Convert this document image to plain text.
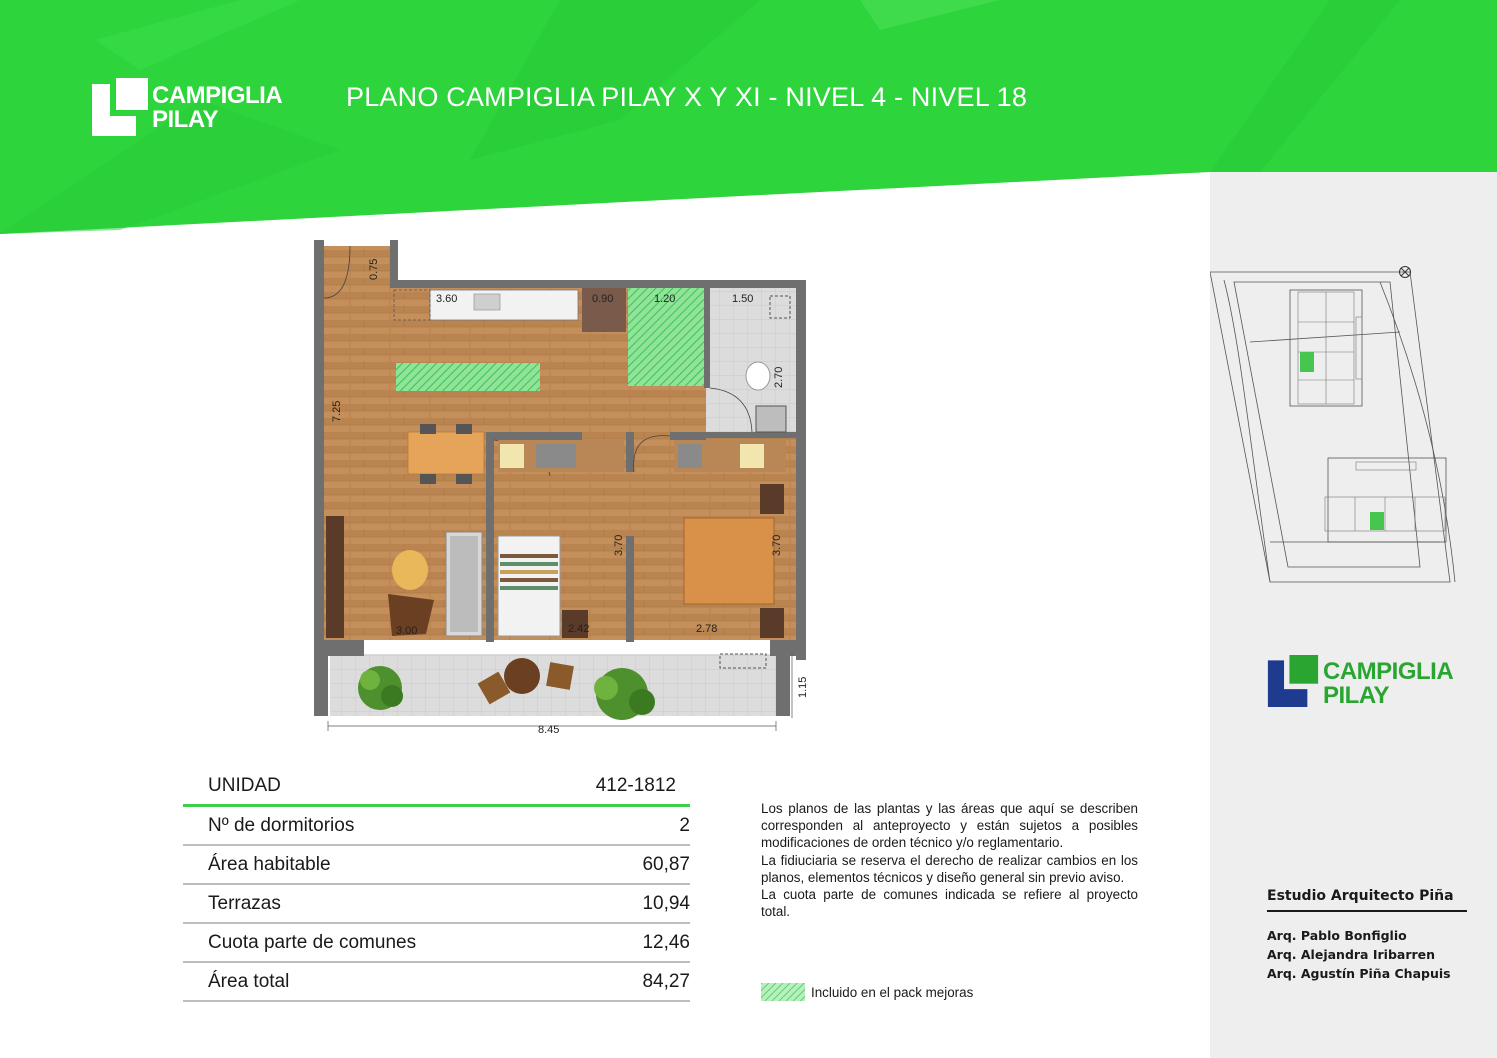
CAMPIGLIA
PILAY
PLANO CAMPIGLIA PILAY X Y XI - NIVEL 4 - NIVEL 18
CAMPIGLIA
PILAY
Estudio Arquitecto Piña
Arq. Pablo Bonfiglio
Arq. Alejandra Iribarren
Arq. Agustín Piña Chapuis
0.75
3.60	0.90	1.20	1.50
2.70
7.25
3.70	3.70
3.00	2.42	2.78
1.15
8.45
UNIDAD	412-1812
Nº de dormitorios	2
Área habitable	60,87
Terrazas	10,94
Cuota parte de comunes	12,46
Área total	84,27

Los planos de las plantas y las áreas que aquí se describen corresponden al anteproyecto y están sujetos a posibles modificaciones de orden técnico y/o reglamentario.

La fidiuciaria se reserva el derecho de realizar cambios en los planos, elementos técnicos y diseño general sin previo aviso.

La cuota parte de comunes indicada se refiere al proyecto total.

Incluido en el pack mejoras
